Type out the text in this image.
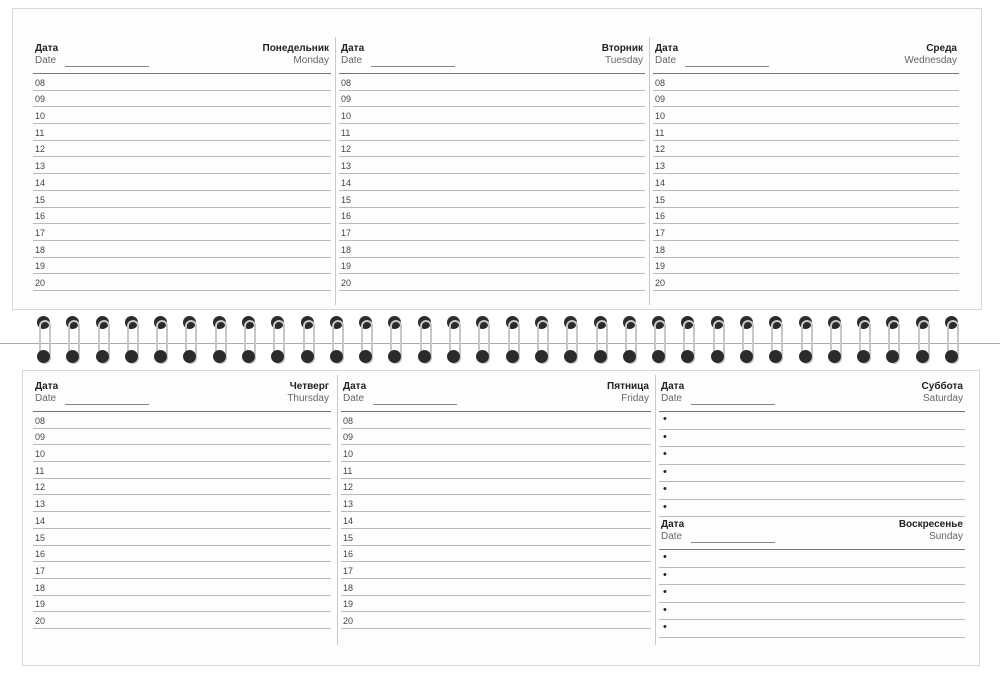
Дата
Date
Понедельник
Monday
08
09
10
11
12
13
14
15
16
17
18
19
20
Дата
Date
Вторник
Tuesday
08
09
10
11
12
13
14
15
16
17
18
19
20
Дата
Date
Среда
Wednesday
08
09
10
11
12
13
14
15
16
17
18
19
20
Дата
Date
Четверг
Thursday
08
09
10
11
12
13
14
15
16
17
18
19
20
Дата
Date
Пятница
Friday
08
09
10
11
12
13
14
15
16
17
18
19
20
Дата
Date
Суббота
Saturday
•
•
•
•
•
•
Дата
Date
Воскресенье
Sunday
•
•
•
•
•
